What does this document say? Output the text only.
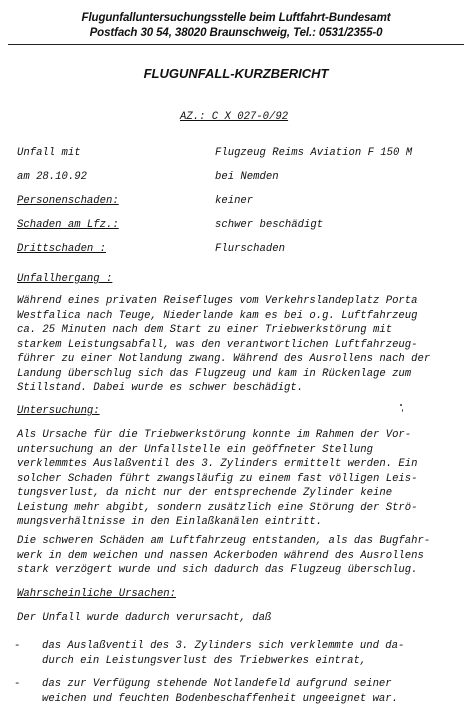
Flugunfalluntersuchungsstelle beim Luftfahrt-Bundesamt
Postfach 30 54, 38020 Braunschweig, Tel.: 0531/2355-0
FLUGUNFALL-KURZBERICHT
AZ.: C X 027-0/92
Unfall mit	Flugzeug Reims Aviation F 150 M
am 28.10.92	bei Nemden
Personenschaden:	keiner
Schaden am Lfz.:	schwer beschädigt
Drittschaden :	Flurschaden
Unfallhergang :
Während eines privaten Reisefluges vom Verkehrslandeplatz Porta
Westfalica nach Teuge, Niederlande kam es bei o.g. Luftfahrzeug
ca. 25 Minuten nach dem Start zu einer Triebwerkstörung mit
starkem Leistungsabfall, was den verantwortlichen Luftfahrzeug-
führer zu einer Notlandung zwang. Während des Ausrollens nach der
Landung überschlug sich das Flugzeug und kam in Rückenlage zum
Stillstand. Dabei wurde es schwer beschädigt.
Untersuchung:
Als Ursache für die Triebwerkstörung konnte im Rahmen der Vor-
untersuchung an der Unfallstelle ein geöffneter Stellung
verklemmtes Auslaßventil des 3. Zylinders ermittelt werden. Ein
solcher Schaden führt zwangsläufig zu einem fast völligen Leis-
tungsverlust, da nicht nur der entsprechende Zylinder keine
Leistung mehr abgibt, sondern zusätzlich eine Störung der Strö-
mungsverhältnisse in den Einlaßkanälen eintritt.
Die schweren Schäden am Luftfahrzeug entstanden, als das Bugfahr-
werk in dem weichen und nassen Ackerboden während des Ausrollens
stark verzögert wurde und sich dadurch das Flugzeug überschlug.
Wahrscheinliche Ursachen:
Der Unfall wurde dadurch verursacht, daß
- das Auslaßventil des 3. Zylinders sich verklemmte und da-
durch ein Leistungsverlust des Triebwerkes eintrat,
- das zur Verfügung stehende Notlandefeld aufgrund seiner
weichen und feuchten Bodenbeschaffenheit ungeeignet war.
